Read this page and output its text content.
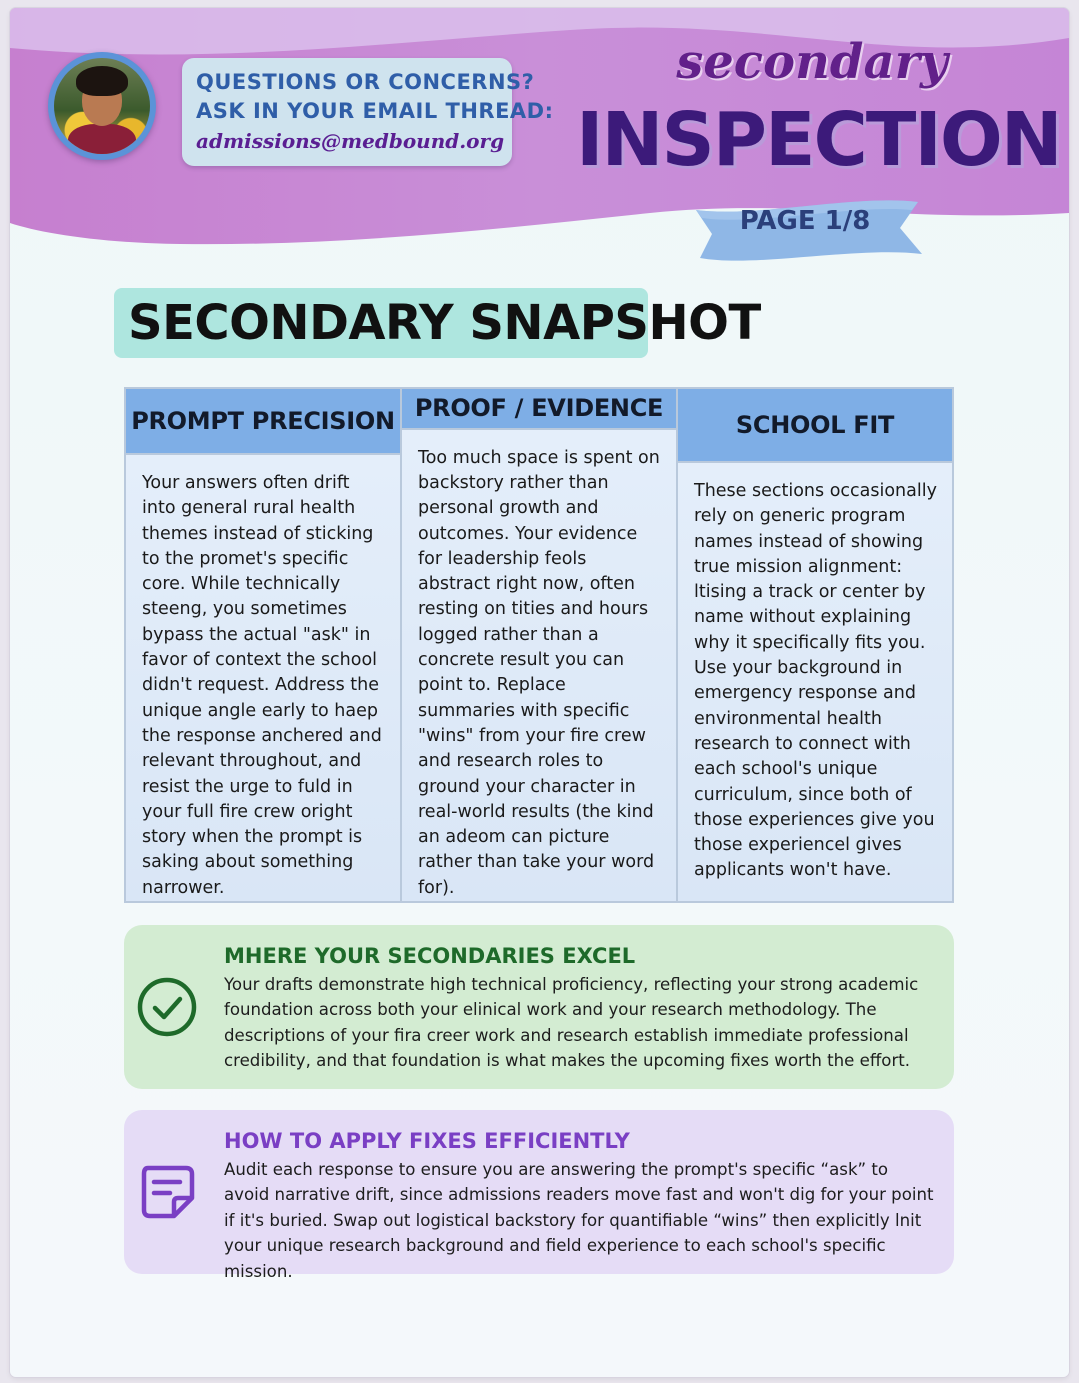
QUESTIONS OR CONCERNS?
ASK IN YOUR EMAIL THREAD:
admissions@medbound.org
secondary
INSPECTION
PAGE 1/8
SECONDARY SNAPSHOT
PROMPT PRECISION
Your answers often drift into general rural health themes instead of sticking to the promet's specific core. While technically steeng, you sometimes bypass the actual "ask" in favor of context the school didn't request. Address the unique angle early to haep the response anchered and relevant throughout, and resist the urge to fuld in your full fire crew oright story when the prompt is saking about something narrower.
PROOF / EVIDENCE
Too much space is spent on backstory rather than personal growth and outcomes. Your evidence for leadership feols abstract right now, often resting on tities and hours logged rather than a concrete result you can point to. Replace summaries with specific "wins" from your fire crew and research roles to ground your character in real-world results (the kind an adeom can picture rather than take your word for).
SCHOOL FIT
These sections occasionally rely on generic program names instead of showing true mission alignment: ltising a track or center by name without explaining why it specifically fits you. Use your background in emergency response and environmental health research to connect with each school's unique curriculum, since both of those experiences give you those experiencel gives applicants won't have.
MHERE YOUR SECONDARIES EXCEL
Your drafts demonstrate high technical proficiency, reflecting your strong academic foundation across both your elinical work and your research methodology. The descriptions of your fira creer work and research establish immediate professional credibility, and that foundation is what makes the upcoming fixes worth the effort.
HOW TO APPLY FIXES EFFICIENTLY
Audit each response to ensure you are answering the prompt's specific “ask” to avoid narrative drift, since admissions readers move fast and won't dig for your point if it's buried. Swap out logistical backstory for quantifiable “wins” then explicitly lnit your unique research background and field experience to each school's specific mission.
